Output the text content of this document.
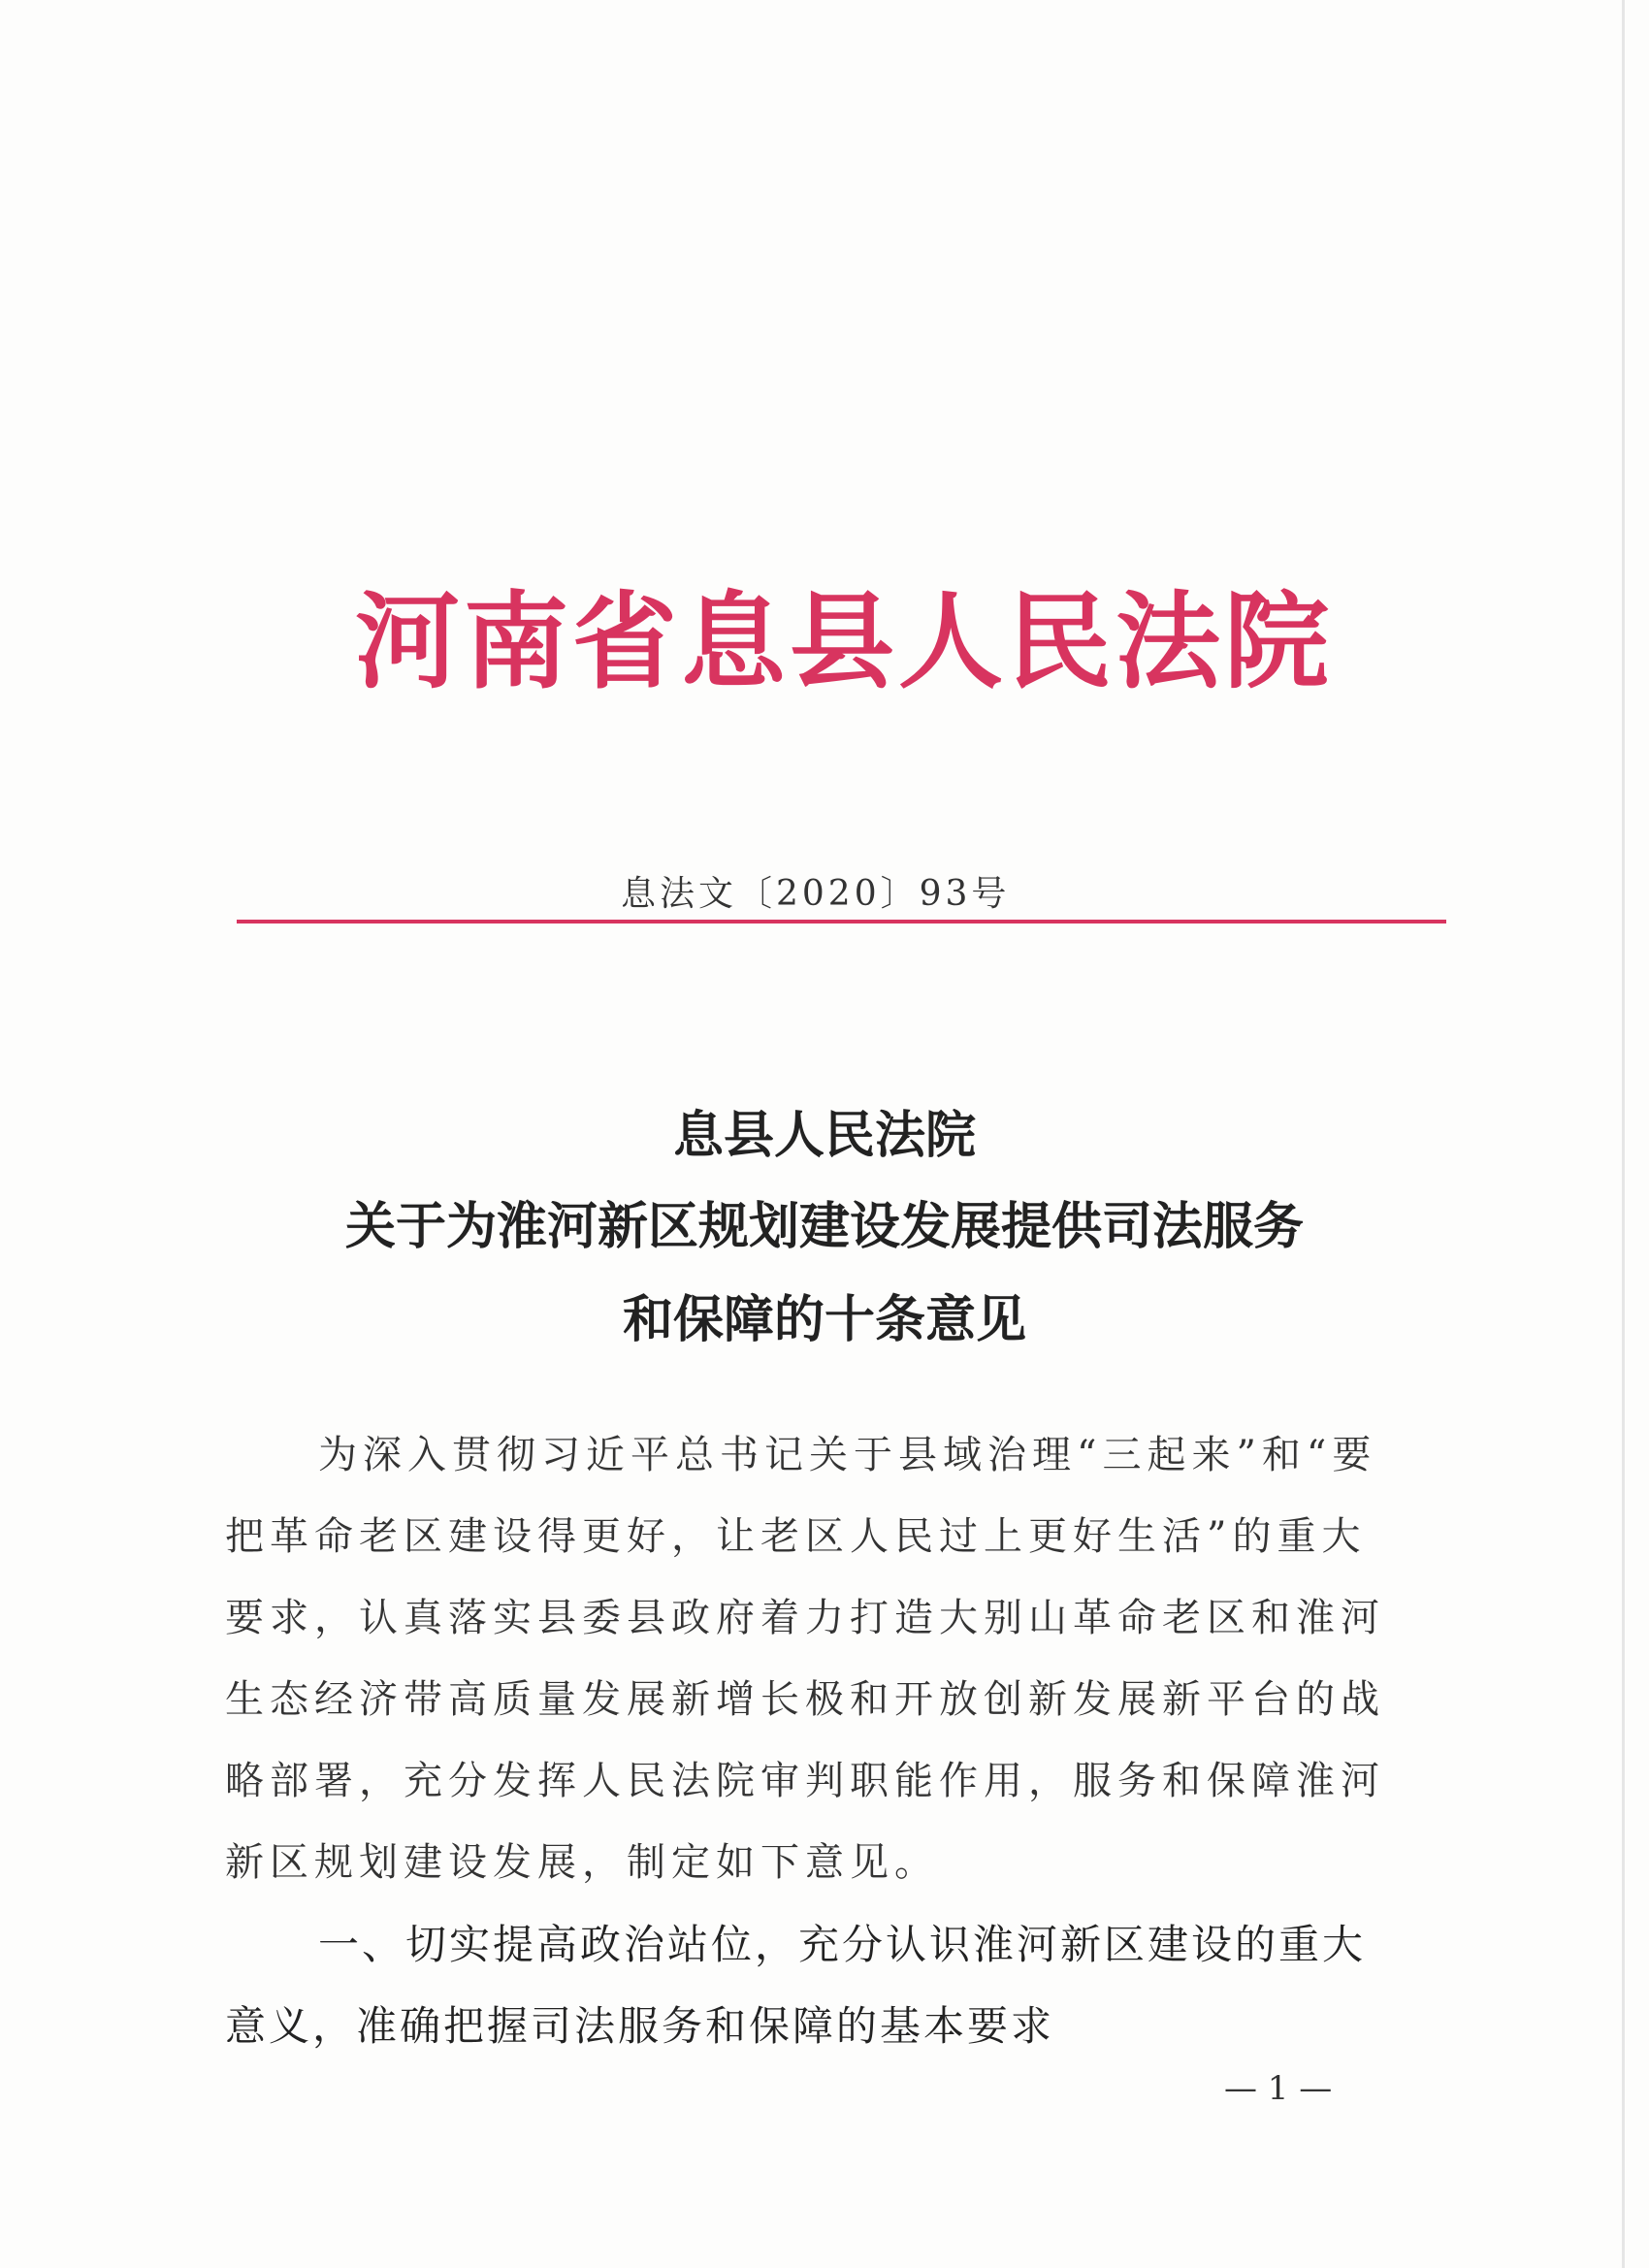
河南省息县人民法院
息法文〔2020〕93号
息县人民法院
关于为淮河新区规划建设发展提供司法服务
和保障的十条意见
为深入贯彻习近平总书记关于县域治理“三起来”和“要
把革命老区建设得更好，让老区人民过上更好生活”的重大
要求，认真落实县委县政府着力打造大别山革命老区和淮河
生态经济带高质量发展新增长极和开放创新发展新平台的战
略部署，充分发挥人民法院审判职能作用，服务和保障淮河
新区规划建设发展，制定如下意见。
一、切实提高政治站位，充分认识淮河新区建设的重大
意义，准确把握司法服务和保障的基本要求
— 1 —
